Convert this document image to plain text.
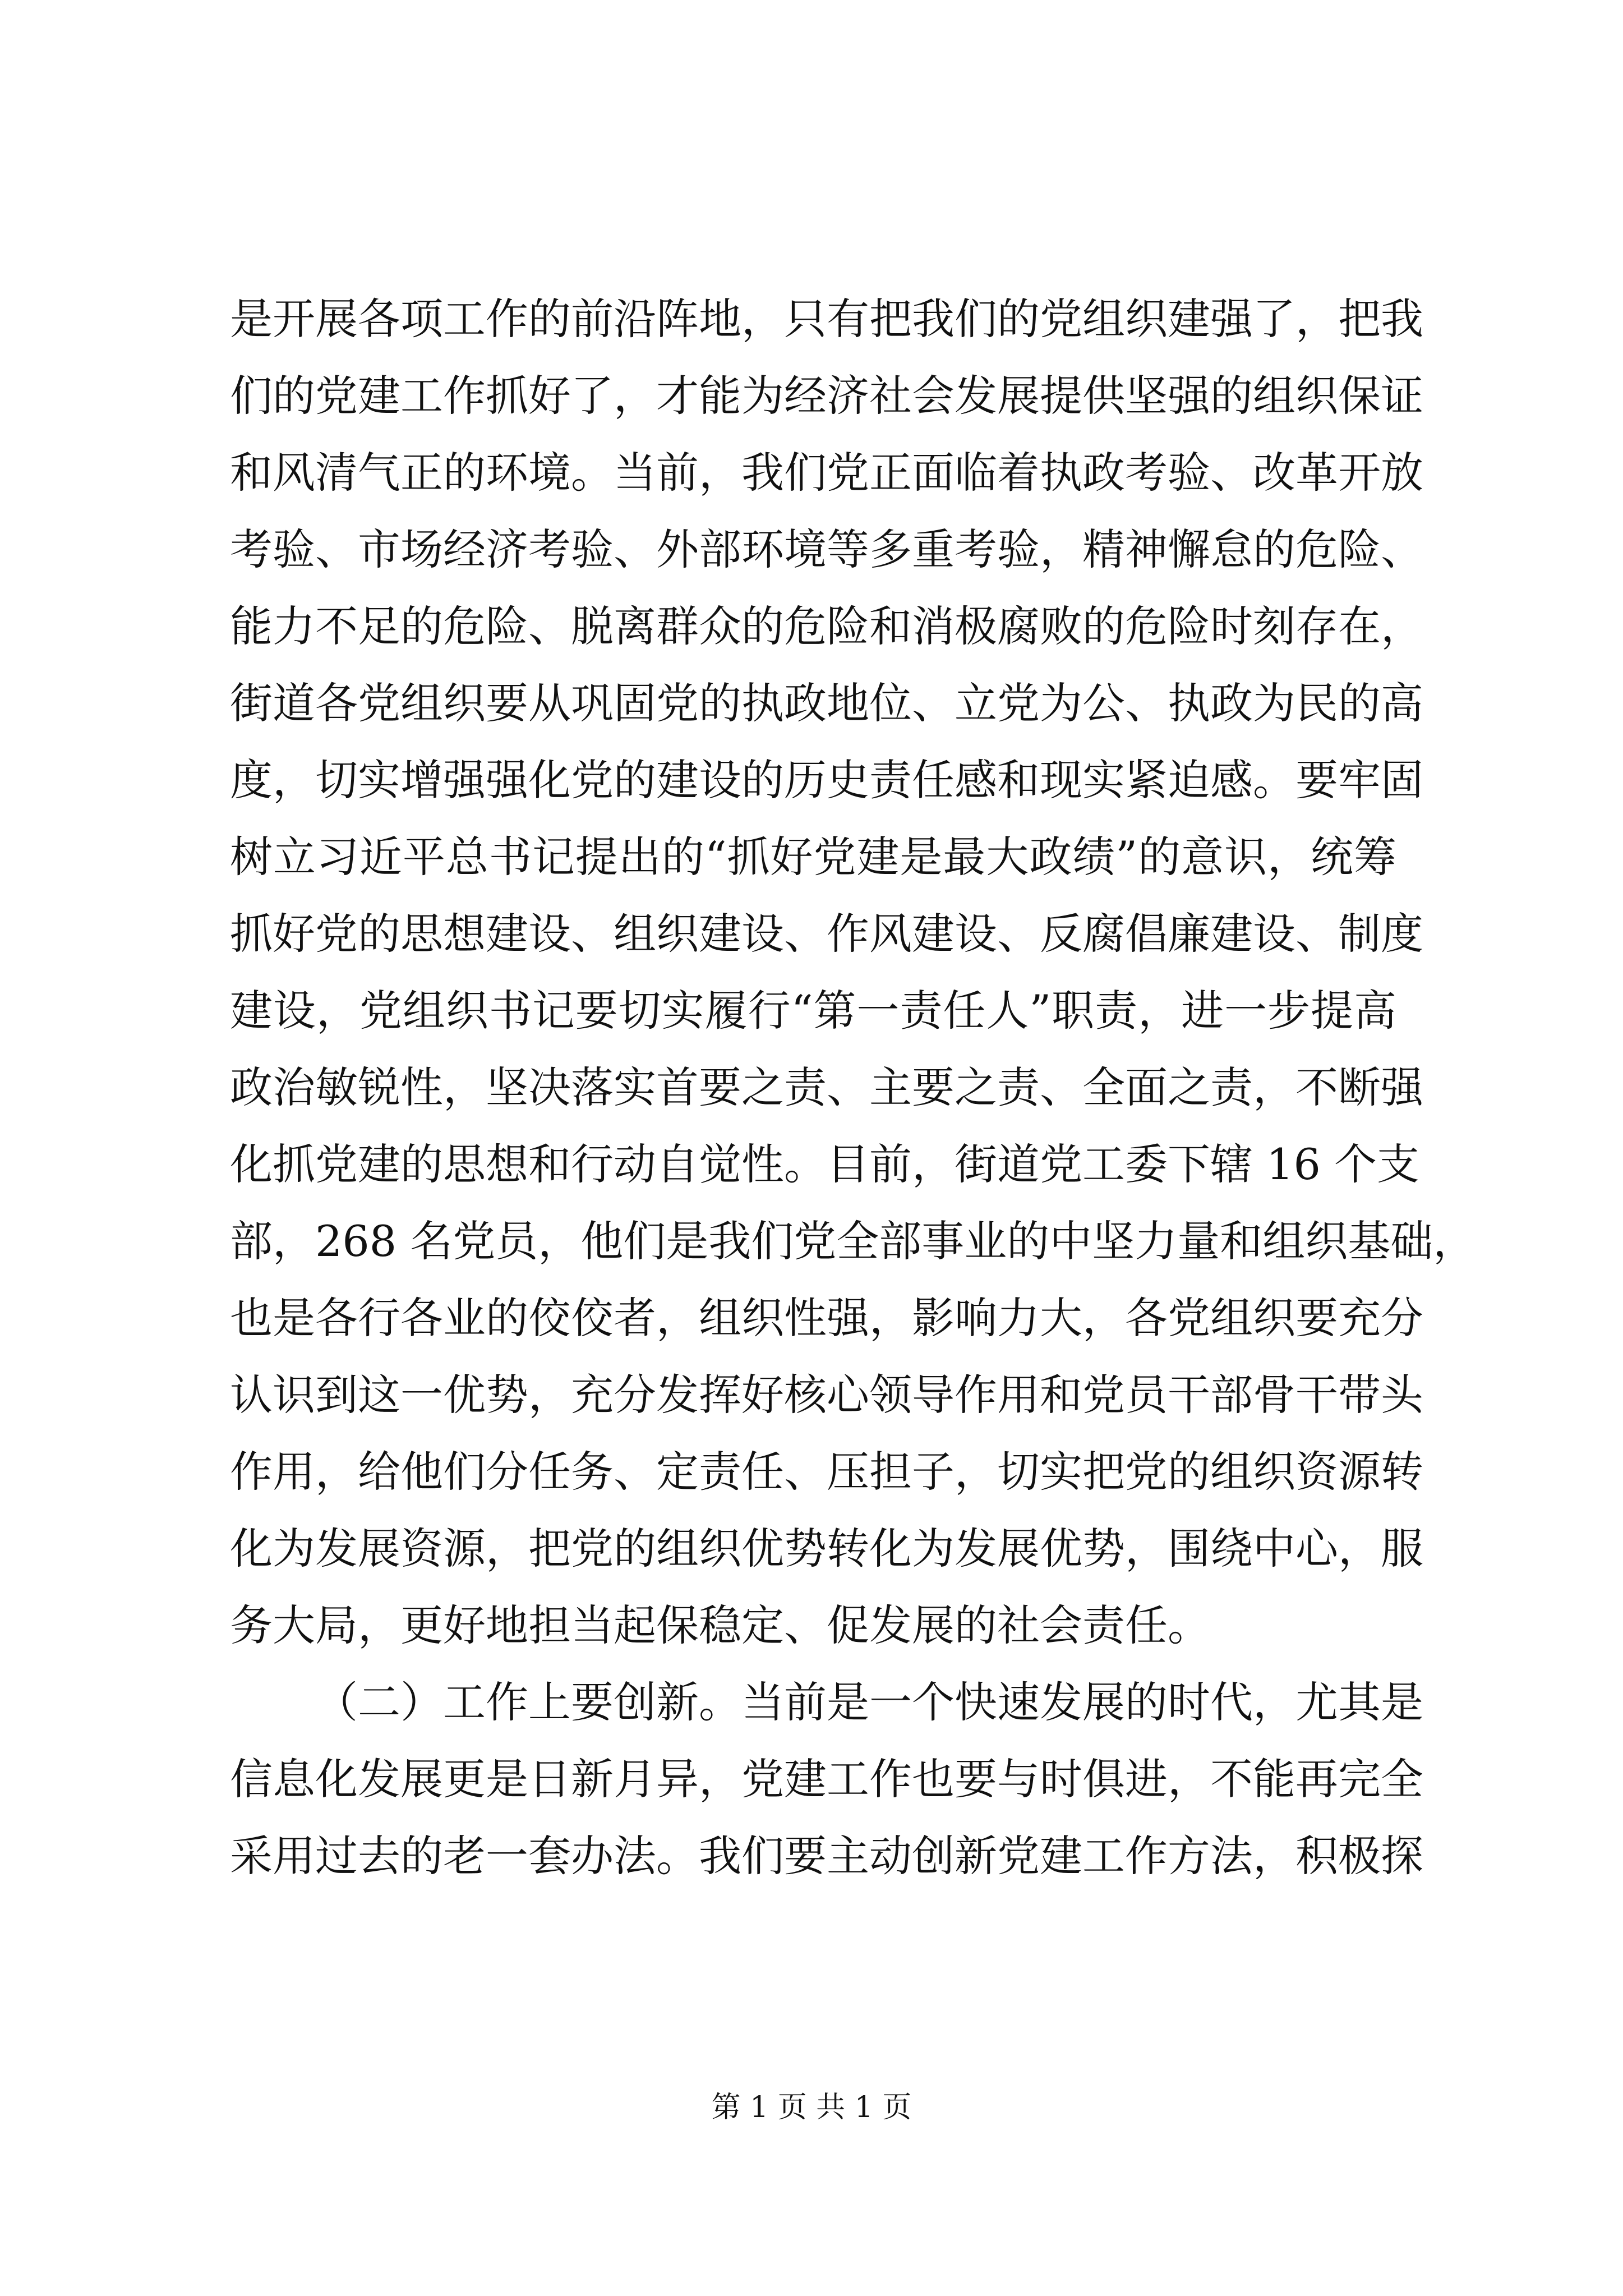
是开展各项工作的前沿阵地，只有把我们的党组织建强了，把我
们的党建工作抓好了，才能为经济社会发展提供坚强的组织保证
和风清气正的环境。当前，我们党正面临着执政考验、改革开放
考验、市场经济考验、外部环境等多重考验，精神懈怠的危险、
能力不足的危险、脱离群众的危险和消极腐败的危险时刻存在，
街道各党组织要从巩固党的执政地位、立党为公、执政为民的高
度，切实增强强化党的建设的历史责任感和现实紧迫感。要牢固
树立习近平总书记提出的“抓好党建是最大政绩”的意识，统筹
抓好党的思想建设、组织建设、作风建设、反腐倡廉建设、制度
建设，党组织书记要切实履行“第一责任人”职责，进一步提高
政治敏锐性，坚决落实首要之责、主要之责、全面之责，不断强
化抓党建的思想和行动自觉性。目前，街道党工委下辖 16 个支
部，268 名党员，他们是我们党全部事业的中坚力量和组织基础，
也是各行各业的佼佼者，组织性强，影响力大，各党组织要充分
认识到这一优势，充分发挥好核心领导作用和党员干部骨干带头
作用，给他们分任务、定责任、压担子，切实把党的组织资源转
化为发展资源，把党的组织优势转化为发展优势，围绕中心，服
务大局，更好地担当起保稳定、促发展的社会责任。
（二）工作上要创新。当前是一个快速发展的时代，尤其是
信息化发展更是日新月异，党建工作也要与时俱进，不能再完全
采用过去的老一套办法。我们要主动创新党建工作方法，积极探
第 1 页 共 1 页
